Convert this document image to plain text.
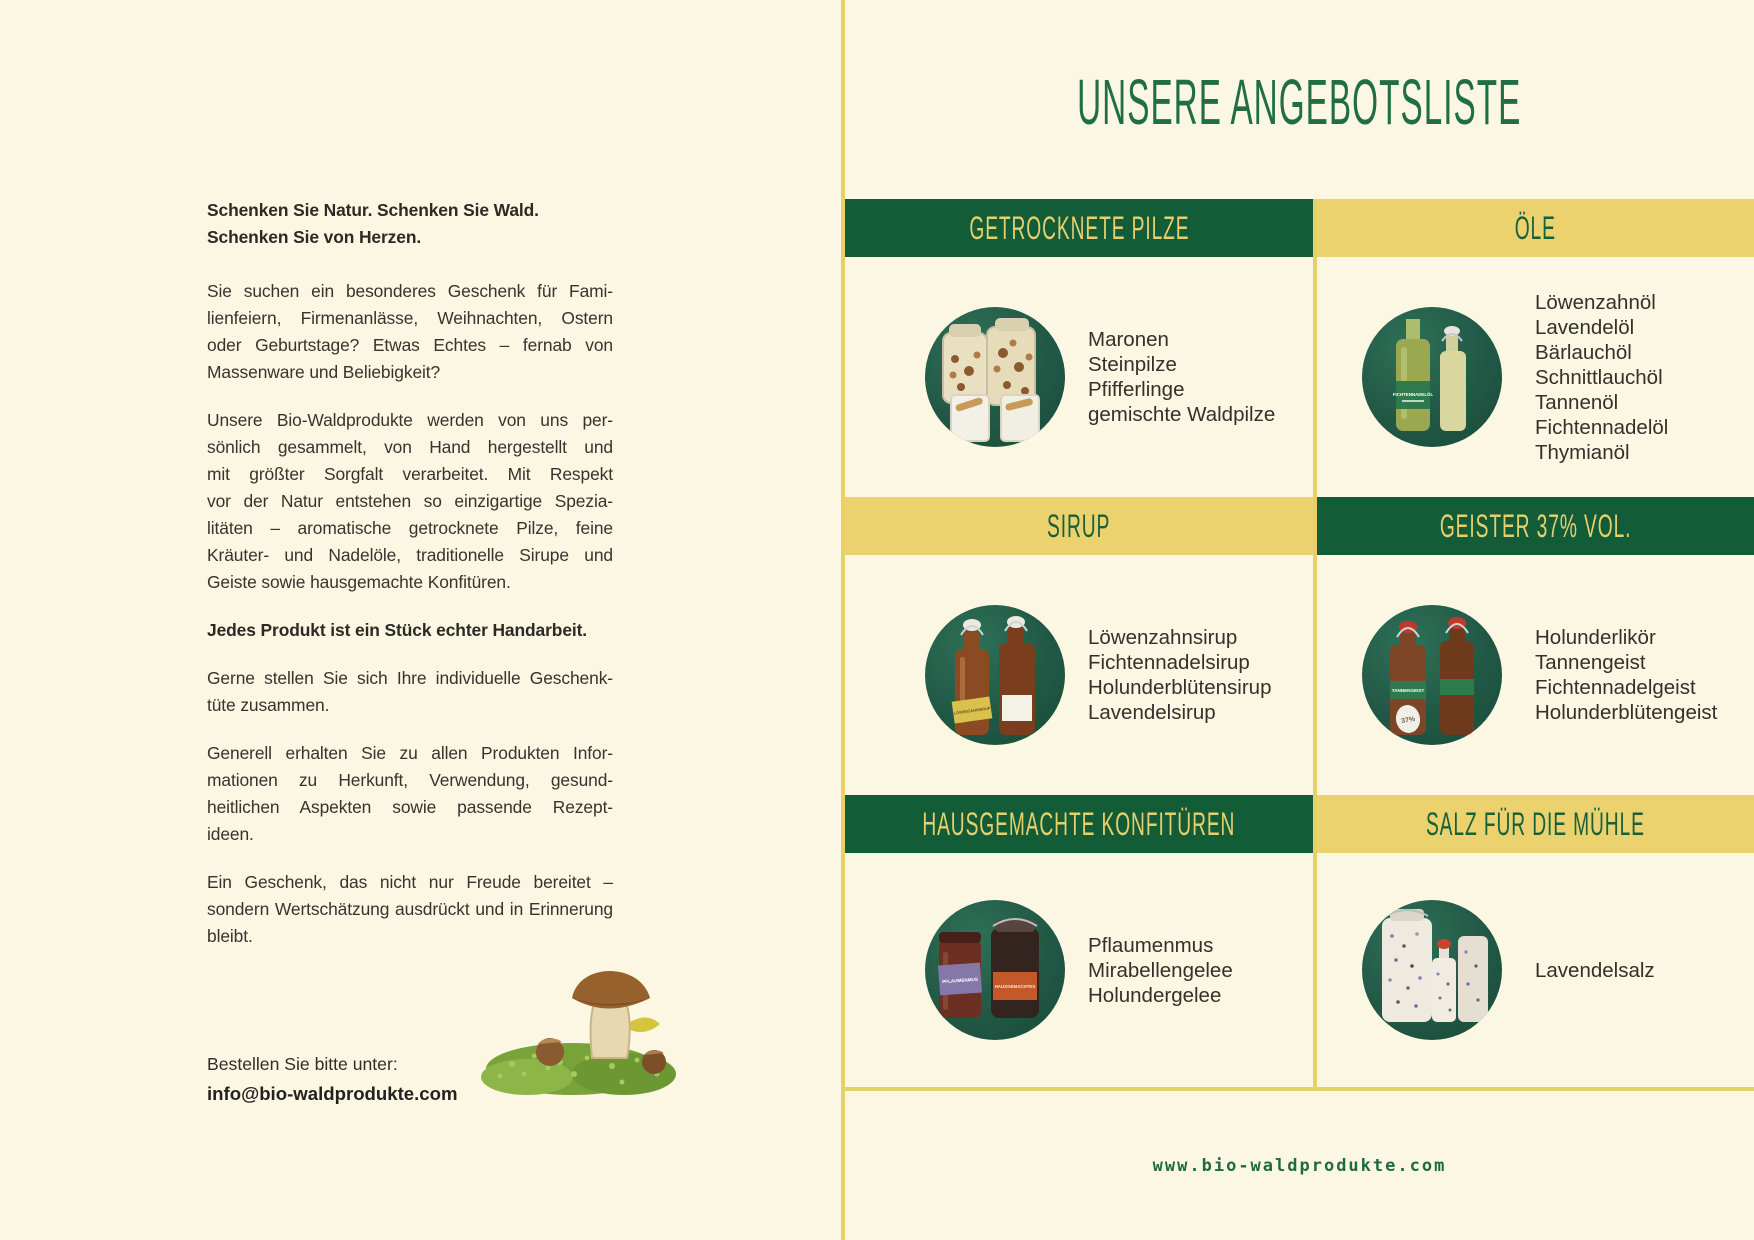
Schenken Sie Natur. Schenken Sie Wald.
Schenken Sie von Herzen.
Sie suchen ein besonderes Geschenk für Fami-
lienfeiern, Firmenanlässe, Weihnachten, Ostern
oder Geburtstage? Etwas Echtes – fernab von
Massenware und Beliebigkeit?
Unsere Bio-Waldprodukte werden von uns per-
sönlich gesammelt, von Hand hergestellt und
mit größter Sorgfalt verarbeitet. Mit Respekt
vor der Natur entstehen so einzigartige Spezia-
litäten – aromatische getrocknete Pilze, feine
Kräuter- und Nadelöle, traditionelle Sirupe und
Geiste sowie hausgemachte Konfitüren.
Jedes Produkt ist ein Stück echter Handarbeit.
Gerne stellen Sie sich Ihre individuelle Geschenk-
tüte zusammen.
Generell erhalten Sie zu allen Produkten Infor-
mationen zu Herkunft, Verwendung, gesund-
heitlichen Aspekten sowie passende Rezept-
ideen.
Ein Geschenk, das nicht nur Freude bereitet –
sondern Wertschätzung ausdrückt und in Erinnerung
bleibt.
Bestellen Sie bitte unter:
info@bio-waldprodukte.com
UNSERE ANGEBOTSLISTE
GETROCKNETE PILZE	ÖLE
SIRUP	GEISTER 37% VOL.
HAUSGEMACHTE KONFITÜREN	SALZ FÜR DIE MÜHLE
Maronen
Steinpilze
Pfifferlinge
gemischte Waldpilze
FICHTENNADELÖL
Löwenzahnöl
Lavendelöl
Bärlauchöl
Schnittlauchöl
Tannenöl
Fichtennadelöl
Thymianöl
LÖWENZAHNSIRUP
Löwenzahnsirup
Fichtennadelsirup
Holunderblütensirup
Lavendelsirup
TANNENGEIST
37%
Holunderlikör
Tannengeist
Fichtennadelgeist
Holunderblütengeist
HAUSGEMACHTES
PFLAUMENMUS
Pflaumenmus
Mirabellengelee
Holundergelee
Lavendelsalz
www.bio-waldprodukte.com
